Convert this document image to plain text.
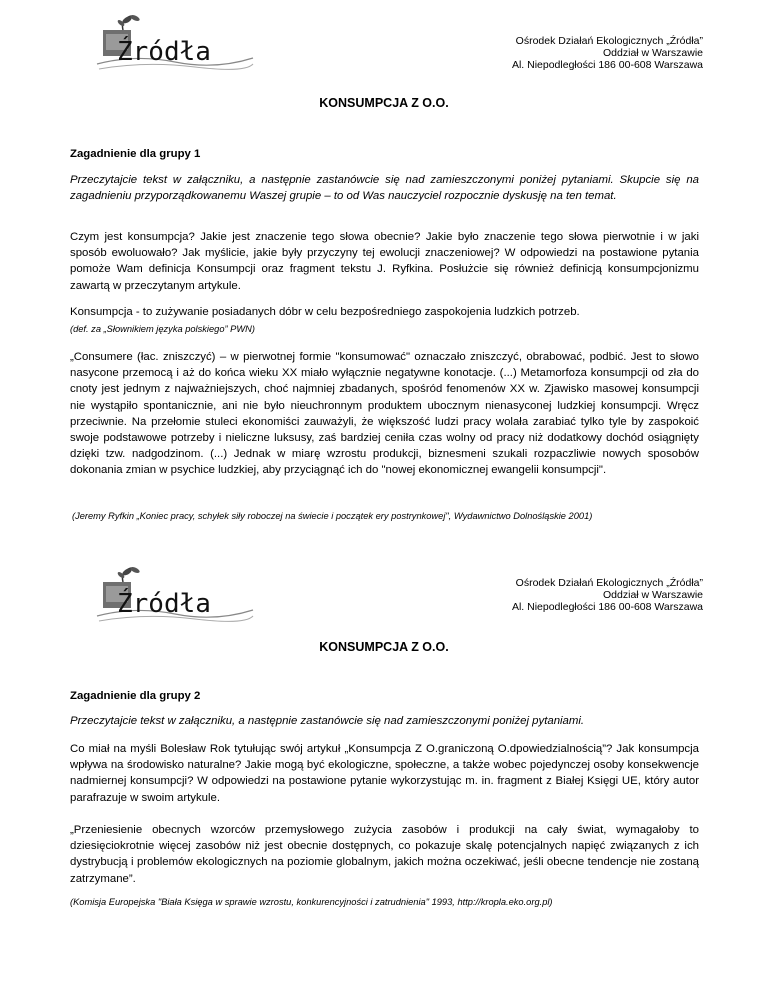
Źródła	Ośrodek Działań Ekologicznych „Źródła”
Oddział w Warszawie
Al. Niepodległości 186 00-608 Warszawa
KONSUMPCJA Z O.O.
Zagadnienie dla grupy 1
Przeczytajcie tekst w załączniku, a następnie zastanówcie się nad zamieszczonymi poniżej pytaniami. Skupcie się na zagadnieniu przyporządkowanemu Waszej grupie – to od Was nauczyciel rozpocznie dyskusję na ten temat.
Czym jest konsumpcja? Jakie jest znaczenie tego słowa obecnie? Jakie było znaczenie tego słowa pierwotnie i w jaki sposób ewoluowało? Jak myślicie, jakie były przyczyny tej ewolucji znaczeniowej? W odpowiedzi na postawione pytania pomoże Wam definicja Konsumpcji oraz fragment tekstu J. Ryfkina. Posłużcie się również definicją konsumpcjonizmu zawartą w przeczytanym artykule.
Konsumpcja - to zużywanie posiadanych dóbr w celu bezpośredniego zaspokojenia ludzkich potrzeb.
(def. za „Słownikiem języka polskiego” PWN)
„Consumere (łac. zniszczyć) – w pierwotnej formie "konsumować" oznaczało zniszczyć, obrabować, podbić. Jest to słowo nasycone przemocą i aż do końca wieku XX miało wyłącznie negatywne konotacje. (...) Metamorfoza konsumpcji od zła do cnoty jest jednym z najważniejszych, choć najmniej zbadanych, spośród fenomenów XX w. Zjawisko masowej konsumpcji nie wystąpiło spontanicznie, ani nie było nieuchronnym produktem ubocznym nienasyconej ludzkiej konsumpcji. Wręcz przeciwnie. Na przełomie stuleci ekonomiści zauważyli, że większość ludzi pracy wolała zarabiać tylko tyle by zaspokoić swoje podstawowe potrzeby i nieliczne luksusy, zaś bardziej ceniła czas wolny od pracy niż dodatkowy dochód osiągnięty dzięki tzw. nadgodzinom. (...) Jednak w miarę wzrostu produkcji, biznesmeni szukali rozpaczliwie nowych sposobów dokonania zmian w psychice ludzkiej, aby przyciągnąć ich do "nowej ekonomicznej ewangelii konsumpcji".
(Jeremy Ryfkin „Koniec pracy, schyłek siły roboczej na świecie i początek ery postrynkowej", Wydawnictwo Dolnośląskie 2001)
Źródła
Ośrodek Działań Ekologicznych „Źródła”
Oddział w Warszawie
Al. Niepodległości 186 00-608 Warszawa
KONSUMPCJA Z O.O.
Zagadnienie dla grupy 2
Przeczytajcie tekst w załączniku, a następnie zastanówcie się nad zamieszczonymi poniżej pytaniami.
Co miał na myśli Bolesław Rok tytułując swój artykuł „Konsumpcja Z O.graniczoną O.dpowiedzialnością”? Jak konsumpcja wpływa na środowisko naturalne? Jakie mogą być ekologiczne, społeczne, a także wobec pojedynczej osoby konsekwencje nadmiernej konsumpcji? W odpowiedzi na postawione pytanie wykorzystując m. in. fragment z Białej Księgi UE, który autor parafrazuje w swoim artykule.
„Przeniesienie obecnych wzorców przemysłowego zużycia zasobów i produkcji na cały świat, wymagałoby to dziesięciokrotnie więcej zasobów niż jest obecnie dostępnych, co pokazuje skalę potencjalnych napięć związanych z ich dystrybucją i problemów ekologicznych na poziomie globalnym, jakich można oczekiwać, jeśli obecne tendencje nie zostaną zatrzymane”.
(Komisja Europejska "Biała Księga w sprawie wzrostu, konkurencyjności i zatrudnienia" 1993, http://kropla.eko.org.pl)
